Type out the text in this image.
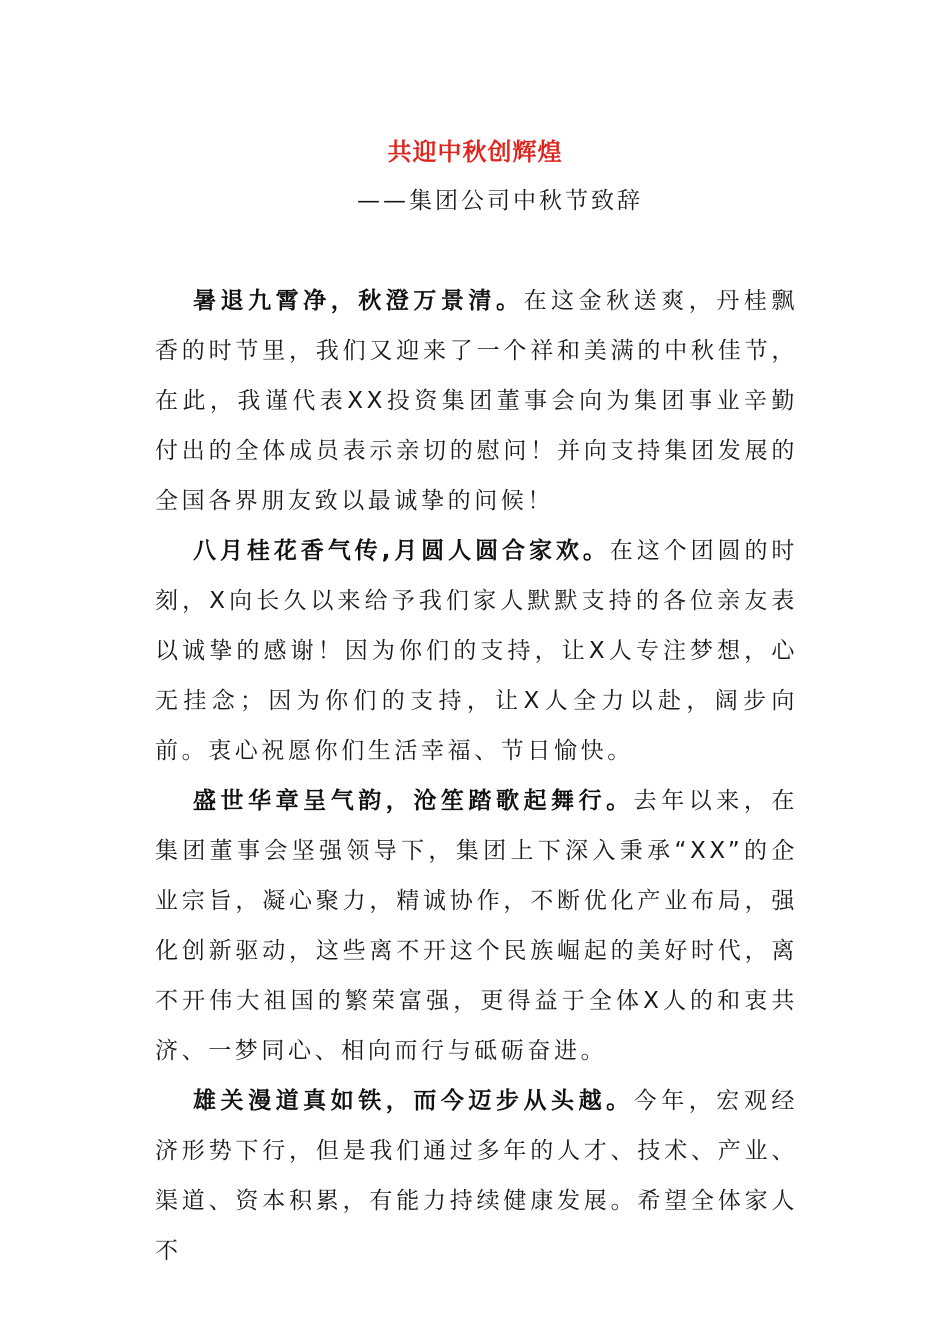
共迎中秋创辉煌
——集团公司中秋节致辞

暑退九霄净，秋澄万景清。在这金秋送爽，丹桂飘香的时节里，我们又迎来了一个祥和美满的中秋佳节，在此，我谨代表XX投资集团董事会向为集团事业辛勤付出的全体成员表示亲切的慰问！并向支持集团发展的全国各界朋友致以最诚挚的问候！

八月桂花香气传,月圆人圆合家欢。在这个团圆的时刻，X向长久以来给予我们家人默默支持的各位亲友表以诚挚的感谢！因为你们的支持，让X人专注梦想，心无挂念；因为你们的支持，让X人全力以赴，阔步向前。衷心祝愿你们生活幸福、节日愉快。

盛世华章呈气韵，沧笙踏歌起舞行。去年以来，在集团董事会坚强领导下，集团上下深入秉承“XX”的企业宗旨，凝心聚力，精诚协作，不断优化产业布局，强化创新驱动，这些离不开这个民族崛起的美好时代，离不开伟大祖国的繁荣富强，更得益于全体X人的和衷共济、一梦同心、相向而行与砥砺奋进。

雄关漫道真如铁，而今迈步从头越。今年，宏观经济形势下行，但是我们通过多年的人才、技术、产业、渠道、资本积累，有能力持续健康发展。希望全体家人不
